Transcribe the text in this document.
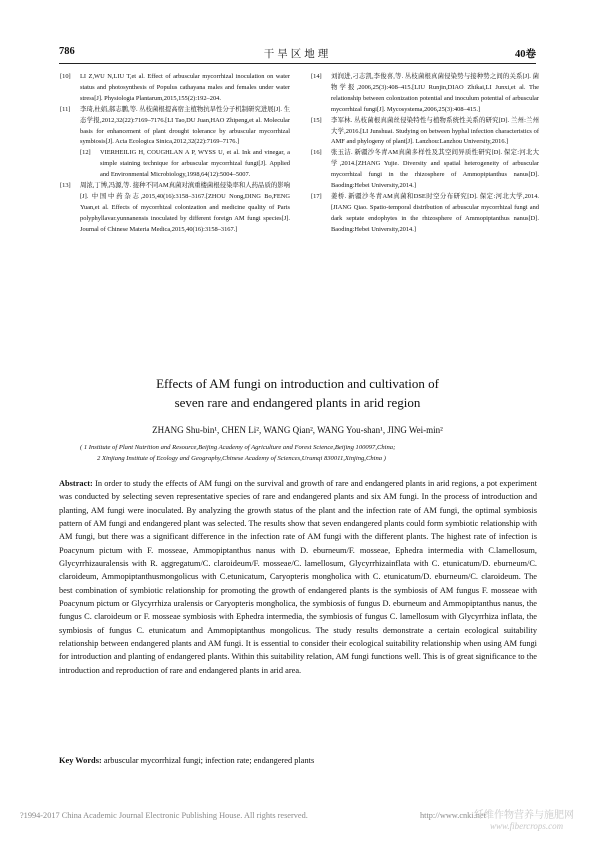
786	干旱区地理	40卷
[10] LI Z,WU N,LIU T,et al. Effect of arbuscular mycorrhizal inoculation on water status and photosynthesis of Populus cathayana males and females under water stress[J]. Physiologia Plantarum,2015,155(2):192–204.
[11] 李琦,杜娟,郝志鹏,等. 丛枝菌根提高宿主植物抗旱性分子机制研究进展[J]. 生态学报,2012,32(22):7169–7176.[LI Tao,DU Juan,HAO Zhipeng,et al. Molecular basis for enhancement of plant drought tolerance by arbuscular mycorrhizal symbiosis[J]. Acta Ecologica Sinica,2012,32(22):7169–7176.]
[12] VIERHEILIG H, COUGHLAN A P, WYSS U, et al. Ink and vinegar, a simple staining technique for arbuscular mycorrhizal fungi[J]. Applied and Environmental Microbiology,1998,64(12):5004–5007.
[13] 周浓,丁博,冯源,等. 接种不同AM真菌对滇重楼菌根侵染率和人药品质的影响[J]. 中国中药杂志,2015,40(16):3158–3167.[ZHOU Nong,DING Bo,FENG Yuan,et al. Effects of mycorrhizal colonization and medicine quality of Paris polyphyllavar.yunnanensis inoculated by different foreign AM fungi species[J]. Journal of Chinese Materia Medica,2015,40(16):3158–3167.]
[14] 刘润进,刁志凯,李俊喜,等. 丛枝菌根真菌侵染势与接种势之间的关系[J]. 菌物学报,2006,25(3):408–415.[LIU Runjin,DIAO Zhikai,LI Junxi,et al. The relationship between colonization potential and inoculum potential of arbuscular mycorrhizal fungi[J]. Mycosystema,2006,25(3):408–415.]
[15] 李军林. 丛枝菌根真菌丝侵染特性与植物系统性关系的研究[D]. 兰州:兰州大学,2016.[LI Junshuai. Studying on between hyphal infection characteristics of AMF and phylogeny of plant[J]. Lanzhou:Lanzhou University,2016.]
[16] 张玉洁. 新疆沙冬青AM真菌多样性及其空间异质性研究[D]. 保定:河北大学,2014.[ZHANG Yujie. Diversity and spatial heterogeneity of arbuscular mycorrhizal fungi in the rhizosphere of Ammopiptanthus nanus[D]. Baoding:Hebei University,2014.]
[17] 姜桥. 新疆沙冬青AM真菌和DSE时空分布研究[D]. 保定:河北大学,2014.[JIANG Qiao. Spatio-temporal distribution of arbuscular mycorrhizal fungi and dark septate endophytes in the rhizosphere of Ammopiptanthus nanus[D]. Baoding:Hebei University,2014.]
Effects of AM fungi on introduction and cultivation of
seven rare and endangered plants in arid region
ZHANG Shu-bin¹, CHEN Li², WANG Qian², WANG You-shan¹, JING Wei-min²
( 1 Institute of Plant Nutrition and Resource,Beijing Academy of Agriculture and Forest Science,Beijing 100097,China;
2 Xinjiang Institute of Ecology and Geography,Chinese Academy of Sciences,Urumqi 830011,Xinjing,China )
Abstract: In order to study the effects of AM fungi on the survival and growth of rare and endangered plants in arid regions, a pot experiment was conducted by selecting seven representative species of rare and endangered plants and six AM fungi. In the process of introduction and planting, AM fungi were inoculated. By analyzing the growth status of the plant and the infection rate of AM fungi, the optimal symbiosis pattern of AM fungi and endangered plant was selected. The results show that seven endangered plants could form symbiotic relationship with AM fungi, but there was a significant difference in the infection rate of AM fungi with the different plants. The highest rate of infection is Poacynum pictum with F. mosseae, Ammopiptanthus nanus with D. eburneum/F. mosseae, Ephedra intermedia with C.lamellosum, Glycyrrhizauralensis with R. aggregatum/C. claroideum/F. mosseae/C. lamellosum, Glycyrrhizainflata with C. etunicatum/D. eburneum/C. claroideum, Ammopiptanthusmongolicus with C.etunicatum, Caryopteris mongholica with C. etunicatum/D. eburneum/C. claroideum. The best combination of symbiotic relationship for promoting the growth of endangered plants is the symbiosis of AM fungus F. mosseae with Poacynum pictum or Glycyrrhiza uralensis or Caryopteris mongholica, the symbiosis of fungus D. eburneum and Ammopiptanthus nanus, the fungus C. claroideum or F. mosseae symbiosis with Ephedra intermedia, the symbiosis of fungus C. lamellosum with Glycyrrhiza inflata, the symbiosis of fungus C. etunicatum and Ammopiptanthus mongolicus. The study results demonstrate a certain ecological suitability relationship between endangered plants and AM fungi. It is essential to consider their ecological suitability relationship when using AM fungi for introduction and planting of endangered plants. Within this suitability relation, AM fungi functions well. This is of great significance to the introduction and reproduction of rare and endangered plants in arid area.
Key Words: arbuscular mycorrhizal fungi; infection rate; endangered plants
?1994-2017 China Academic Journal Electronic Publishing House. All rights reserved.	http://www.cnki.net
纤维作物营养与施肥网
www.fibercrops.com
